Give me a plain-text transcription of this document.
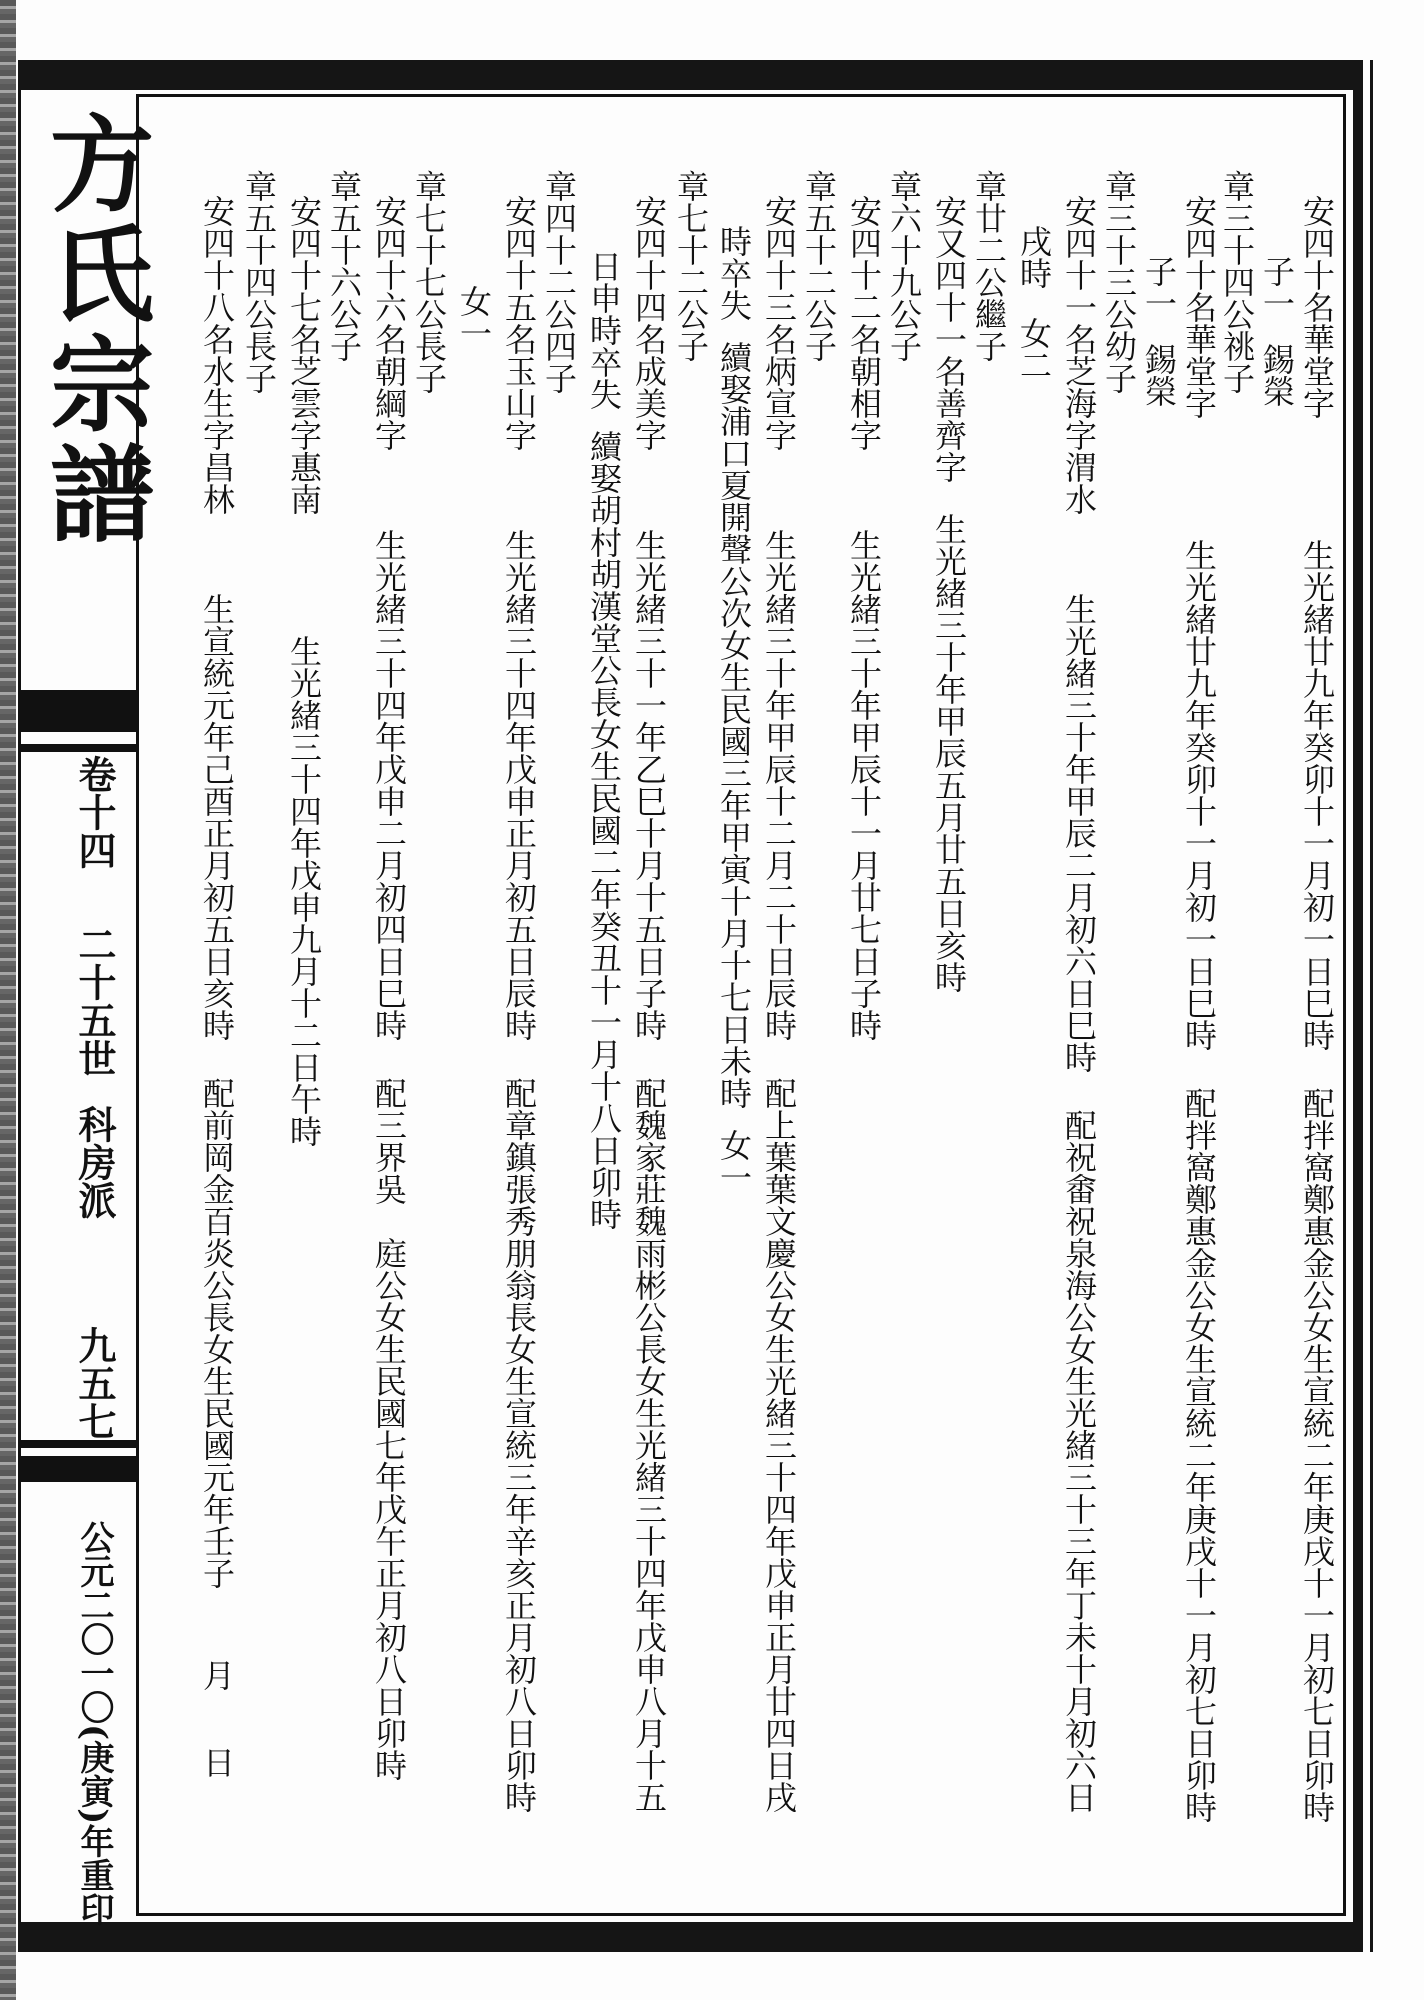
方氏宗譜
卷十四
二十五世
科房派
九五七
公元二〇一〇(庚寅)年重印
安四十名華堂字生光緒廿九年癸卯十一月初一日巳時配拌窩鄭惠金公女生宣統二年庚戌十一月初七日卯時
子一錫榮
章三十四公祧子
安四十名華堂字生光緒廿九年癸卯十一月初一日巳時配拌窩鄭惠金公女生宣統二年庚戌十一月初七日卯時
子一錫榮
章三十三公幼子
安四十一名芝海字渭水生光緒三十年甲辰二月初六日巳時配祝畬祝泉海公女生光緒三十三年丁未十月初六日
戌時女二
章廿二公繼子
安又四十一名善齊字生光緒三十年甲辰五月廿五日亥時
章六十九公子
安四十二名朝相字生光緒三十年甲辰十一月廿七日子時
章五十二公子
安四十三名炳宣字生光緒三十年甲辰十二月二十日辰時配上葉葉文慶公女生光緒三十四年戊申正月廿四日戌
時卒失續娶浦口夏開聲公次女生民國三年甲寅十月十七日未時女一
章七十二公子
安四十四名成美字生光緒三十一年乙巳十月十五日子時配魏家莊魏雨彬公長女生光緒三十四年戊申八月十五
日申時卒失續娶胡村胡漢堂公長女生民國二年癸丑十一月十八日卯時
章四十二公四子
安四十五名玉山字生光緒三十四年戊申正月初五日辰時配章鎮張秀朋翁長女生宣統三年辛亥正月初八日卯時
女一
章七十七公長子
安四十六名朝綱字生光緒三十四年戊申二月初四日巳時配三界吳　庭公女生民國七年戊午正月初八日卯時
章五十六公子
安四十七名芝雲字惠南生光緒三十四年戊申九月十二日午時
章五十四公長子
安四十八名水生字昌林生宣統元年己酉正月初五日亥時配前岡金百炎公長女生民國元年壬子月日
